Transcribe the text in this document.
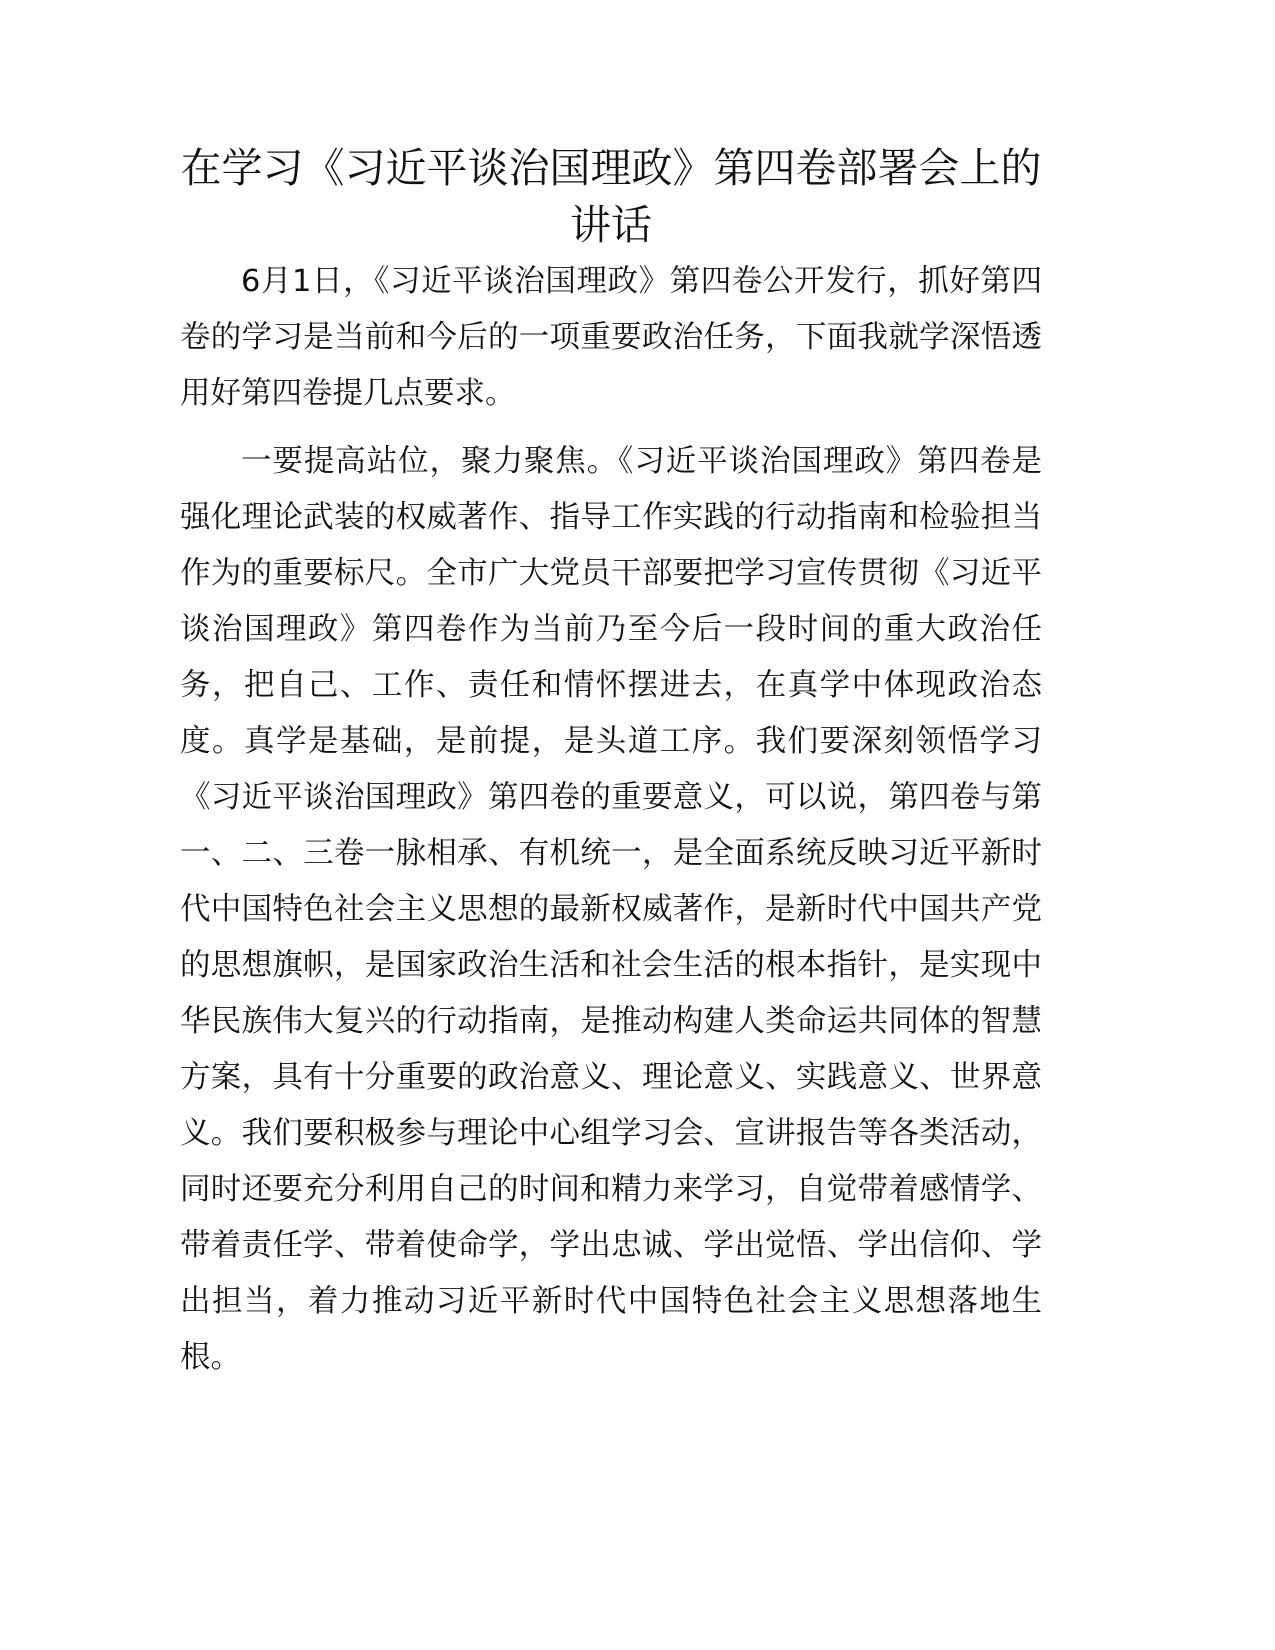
在学习《习近平谈治国理政》第四卷部署会上的讲话

6月1日，《习近平谈治国理政》第四卷公开发行，抓好第四卷的学习是当前和今后的一项重要政治任务，下面我就学深悟透用好第四卷提几点要求。

一要提高站位，聚力聚焦。《习近平谈治国理政》第四卷是强化理论武装的权威著作、指导工作实践的行动指南和检验担当作为的重要标尺。全市广大党员干部要把学习宣传贯彻《习近平谈治国理政》第四卷作为当前乃至今后一段时间的重大政治任务，把自己、工作、责任和情怀摆进去，在真学中体现政治态度。真学是基础，是前提，是头道工序。我们要深刻领悟学习《习近平谈治国理政》第四卷的重要意义，可以说，第四卷与第一、二、三卷一脉相承、有机统一，是全面系统反映习近平新时代中国特色社会主义思想的最新权威著作，是新时代中国共产党的思想旗帜，是国家政治生活和社会生活的根本指针，是实现中华民族伟大复兴的行动指南，是推动构建人类命运共同体的智慧方案，具有十分重要的政治意义、理论意义、实践意义、世界意义。我们要积极参与理论中心组学习会、宣讲报告等各类活动，同时还要充分利用自己的时间和精力来学习，自觉带着感情学、带着责任学、带着使命学，学出忠诚、学出觉悟、学出信仰、学出担当，着力推动习近平新时代中国特色社会主义思想落地生根。
